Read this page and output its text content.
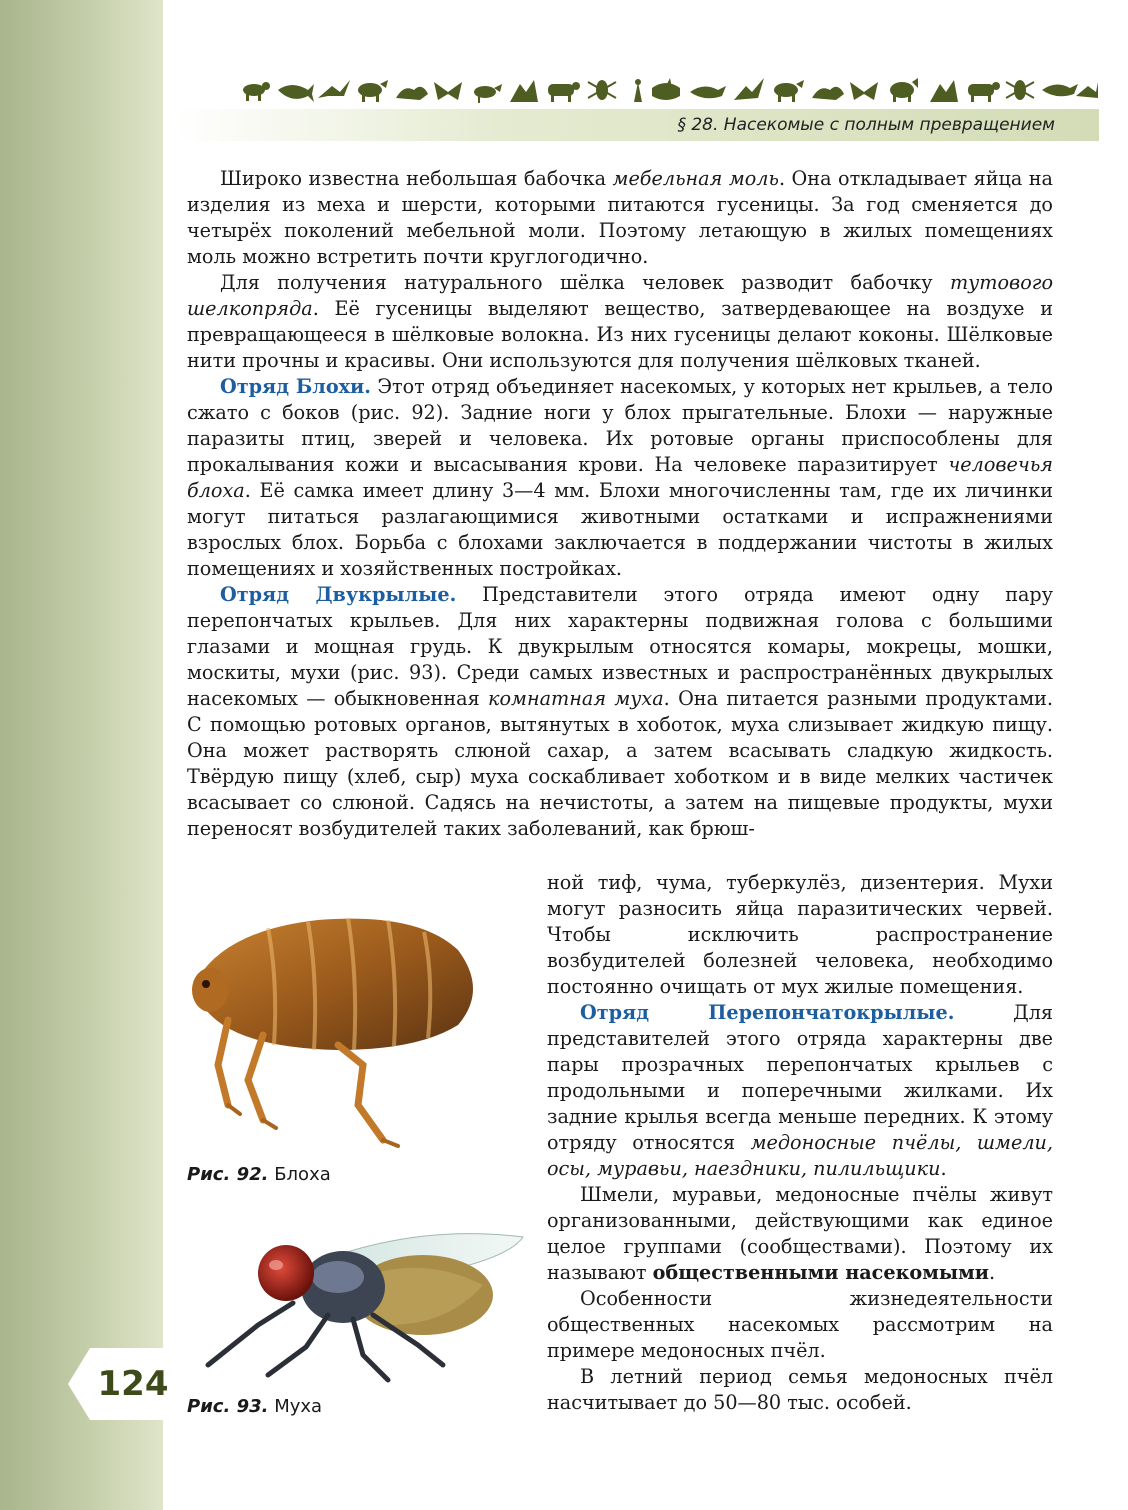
124
§ 28. Насекомые с полным превращением

Широко известна небольшая бабочка мебельная моль. Она откладывает яйца на изделия из меха и шерсти, которыми питаются гусеницы. За год сменяется до четырёх поколений мебельной моли. Поэтому летающую в жилых помещениях моль можно встретить почти круглогодично.

Для получения натурального шёлка человек разводит бабочку тутового шелкопряда. Её гусеницы выделяют вещество, затвердевающее на воздухе и превращающееся в шёлковые волокна. Из них гусеницы делают коконы. Шёлковые нити прочны и красивы. Они используются для получения шёлковых тканей.

Отряд Блохи. Этот отряд объединяет насекомых, у которых нет крыльев, а тело сжато с боков (рис. 92). Задние ноги у блох прыгательные. Блохи — наружные паразиты птиц, зверей и человека. Их ротовые органы приспособлены для прокалывания кожи и высасывания крови. На человеке паразитирует человечья блоха. Её самка имеет длину 3—4 мм. Блохи многочисленны там, где их личинки могут питаться разлагающимися животными остатками и испражнениями взрослых блох. Борьба с блохами заключается в поддержании чистоты в жилых помещениях и хозяйственных постройках.

Отряд Двукрылые. Представители этого отряда имеют одну пару перепончатых крыльев. Для них характерны подвижная голова с большими глазами и мощная грудь. К двукрылым относятся комары, мокрецы, мошки, москиты, мухи (рис. 93). Среди самых известных и распространённых двукрылых насекомых — обыкновенная комнатная муха. Она питается разными продуктами. С помощью ротовых органов, вытянутых в хоботок, муха слизывает жидкую пищу. Она может растворять слюной сахар, а затем всасывать сладкую жидкость. Твёрдую пищу (хлеб, сыр) муха соскабливает хоботком и в виде мелких частичек всасывает со слюной. Садясь на нечистоты, а затем на пищевые продукты, мухи переносят возбудителей таких заболеваний, как брюш-

ной тиф, чума, туберкулёз, дизентерия. Мухи могут разносить яйца паразитических червей. Чтобы исключить распространение возбудителей болезней человека, необходимо постоянно очищать от мух жилые помещения.

Отряд Перепончатокрылые. Для представителей этого отряда характерны две пары прозрачных перепончатых крыльев с продольными и поперечными жилками. Их задние крылья всегда меньше передних. К этому отряду относятся медоносные пчёлы, шмели, осы, муравьи, наездники, пилильщики.

Шмели, муравьи, медоносные пчёлы живут организованными, действующими как единое целое группами (сообществами). Поэтому их называют общественными насекомыми.

Особенности жизнедеятельности общественных насекомых рассмотрим на примере медоносных пчёл.

В летний период семья медоносных пчёл насчитывает до 50—80 тыс. особей.

Рис. 92. Блоха
Рис. 93. Муха
